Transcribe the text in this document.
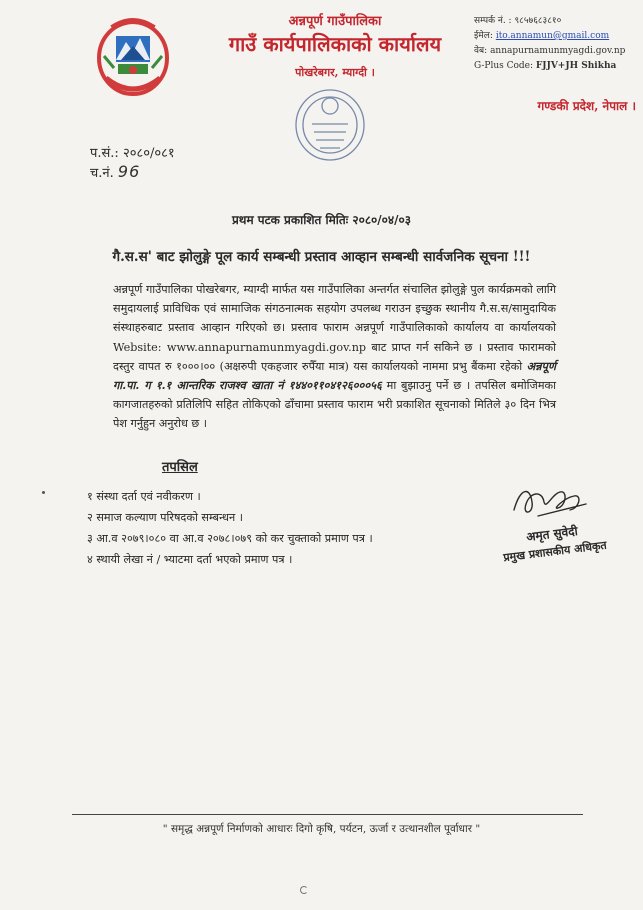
अन्नपूर्ण गाउँपालिका
गाउँ कार्यपालिकाको कार्यालय
पोखरेबगर, म्याग्दी ।
सम्पर्क नं. : ९८५७६८३८१०
ईमेल: ito.annamun@gmail.com
वेब: annapurnamunmyagdi.gov.np
G-Plus Code: FJJV+JH Shikha
गण्डकी प्रदेश, नेपाल ।
प.सं.: २०८०/०८१
च.नं. 96
प्रथम पटक प्रकाशित मितिः २०८०/०४/०३
गै.स.स' बाट झोलुङ्गे पूल कार्य सम्बन्धी प्रस्ताव आव्हान सम्बन्धी सार्वजनिक सूचना !!!
अन्नपूर्ण गाउँपालिका पोखरेबगर, म्याग्दी मार्फत यस गाउँपालिका अन्तर्गत संचालित झोलुङ्गे पुल कार्यक्रमको लागि समुदायलाई प्राविधिक एवं सामाजिक संगठनात्मक सहयोग उपलब्ध गराउन इच्छुक स्थानीय गै.स.स/सामुदायिक संस्थाहरुबाट प्रस्ताव आव्हान गरिएको छ। प्रस्ताव फाराम अन्नपूर्ण गाउँपालिकाको कार्यालय वा कार्यालयको Website: www.annapurnamunmyagdi.gov.np बाट प्राप्त गर्न सकिने छ । प्रस्ताव फारामको दस्तुर वापत रु १०००।०० (अक्षरुपी एकहजार रुपैँया मात्र) यस कार्यालयको नाममा प्रभु बैंकमा रहेको अन्नपूर्ण गा.पा. ग १.१ आन्तरिक राजश्व खाता नं १४४०११०४१२६०००५६ मा बुझाउनु पर्ने छ । तपसिल बमोजिमका कागजातहरुको प्रतिलिपि सहित तोकिएको ढाँचामा प्रस्ताव फाराम भरी प्रकाशित सूचनाको मितिले ३० दिन भित्र पेश गर्नुहुन अनुरोध छ ।
तपसिल
१ संस्था दर्ता एवं नवीकरण ।
२ समाज कल्याण परिषदको सम्बन्धन ।
३ आ.व २०७९।०८० वा आ.व २०७८।०७९ को कर चुक्ताको प्रमाण पत्र ।
४ स्थायी लेखा नं / भ्याटमा दर्ता भएको प्रमाण पत्र ।
अमृत सुवेदी
प्रमुख प्रशासकीय अधिकृत
" समृद्ध अन्नपूर्ण निर्माणको आधारः दिगो कृषि, पर्यटन, ऊर्जा र उत्थानशील पूर्वाधार "
